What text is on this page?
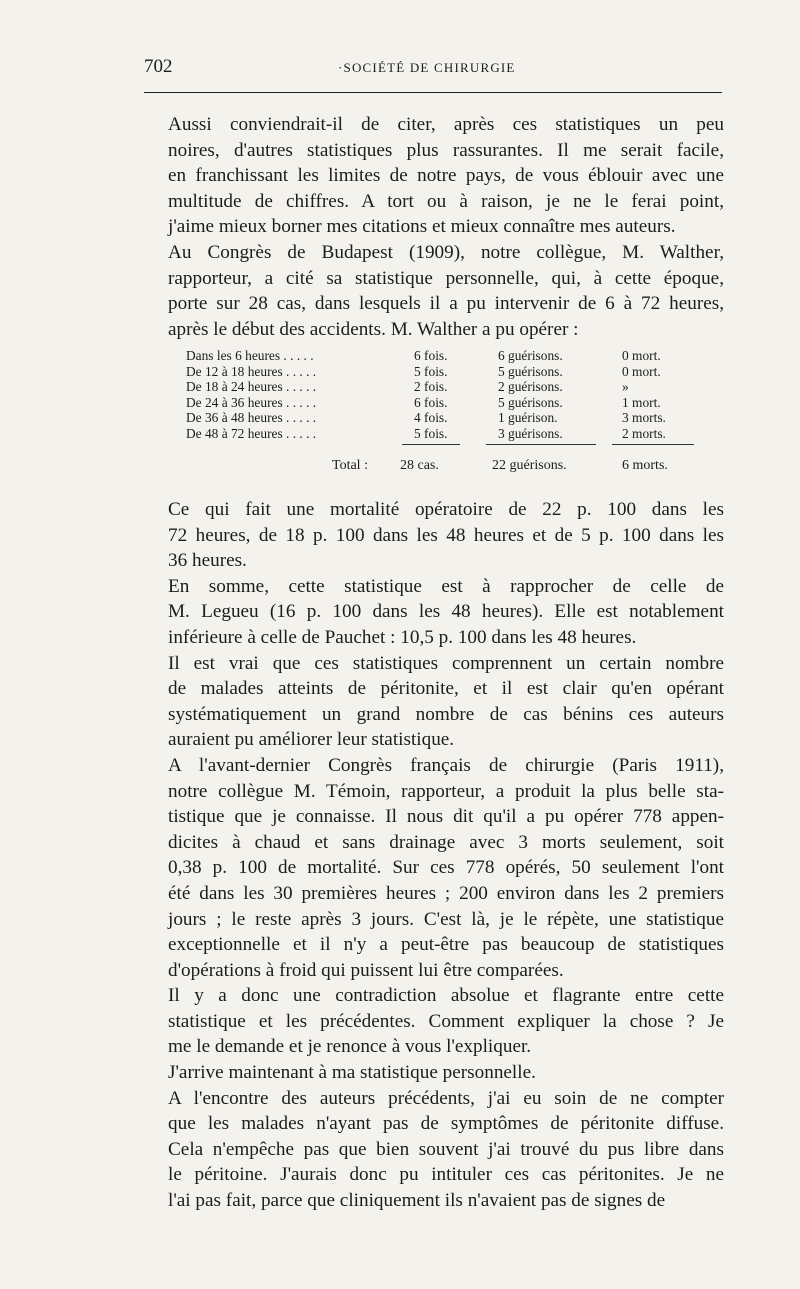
702	·SOCIÉTÉ DE CHIRURGIE
Aussi conviendrait-il de citer, après ces statistiques un peu
noires, d'autres statistiques plus rassurantes. Il me serait facile,
en franchissant les limites de notre pays, de vous éblouir avec une
multitude de chiffres. A tort ou à raison, je ne le ferai point,
j'aime mieux borner mes citations et mieux connaître mes auteurs.
Au Congrès de Budapest (1909), notre collègue, M. Walther,
rapporteur, a cité sa statistique personnelle, qui, à cette époque,
porte sur 28 cas, dans lesquels il a pu intervenir de 6 à 72 heures,
après le début des accidents. M. Walther a pu opérer :
Dans les 6 heures . . . . .	6 fois.	6 guérisons.	0 mort.
De 12 à 18 heures . . . . .	5 fois.	5 guérisons.	0 mort.
De 18 à 24 heures . . . . .	2 fois.	2 guérisons.	»
De 24 à 36 heures . . . . .	6 fois.	5 guérisons.	1 mort.
De 36 à 48 heures . . . . .	4 fois.	1 guérison.	3 morts.
De 48 à 72 heures . . . . .	5 fois.	3 guérisons.	2 morts.
Total : 28 cas.	22 guérisons.	6 morts.
Ce qui fait une mortalité opératoire de 22 p. 100 dans les
72 heures, de 18 p. 100 dans les 48 heures et de 5 p. 100 dans les
36 heures.
En somme, cette statistique est à rapprocher de celle de
M. Legueu (16 p. 100 dans les 48 heures). Elle est notablement
inférieure à celle de Pauchet : 10,5 p. 100 dans les 48 heures.
Il est vrai que ces statistiques comprennent un certain nombre
de malades atteints de péritonite, et il est clair qu'en opérant
systématiquement un grand nombre de cas bénins ces auteurs
auraient pu améliorer leur statistique.
A l'avant-dernier Congrès français de chirurgie (Paris 1911),
notre collègue M. Témoin, rapporteur, a produit la plus belle sta-
tistique que je connaisse. Il nous dit qu'il a pu opérer 778 appen-
dicites à chaud et sans drainage avec 3 morts seulement, soit
0,38 p. 100 de mortalité. Sur ces 778 opérés, 50 seulement l'ont
été dans les 30 premières heures ; 200 environ dans les 2 premiers
jours ; le reste après 3 jours. C'est là, je le répète, une statistique
exceptionnelle et il n'y a peut-être pas beaucoup de statistiques
d'opérations à froid qui puissent lui être comparées.
Il y a donc une contradiction absolue et flagrante entre cette
statistique et les précédentes. Comment expliquer la chose ? Je
me le demande et je renonce à vous l'expliquer.
J'arrive maintenant à ma statistique personnelle.
A l'encontre des auteurs précédents, j'ai eu soin de ne compter
que les malades n'ayant pas de symptômes de péritonite diffuse.
Cela n'empêche pas que bien souvent j'ai trouvé du pus libre dans
le péritoine. J'aurais donc pu intituler ces cas péritonites. Je ne
l'ai pas fait, parce que cliniquement ils n'avaient pas de signes de
